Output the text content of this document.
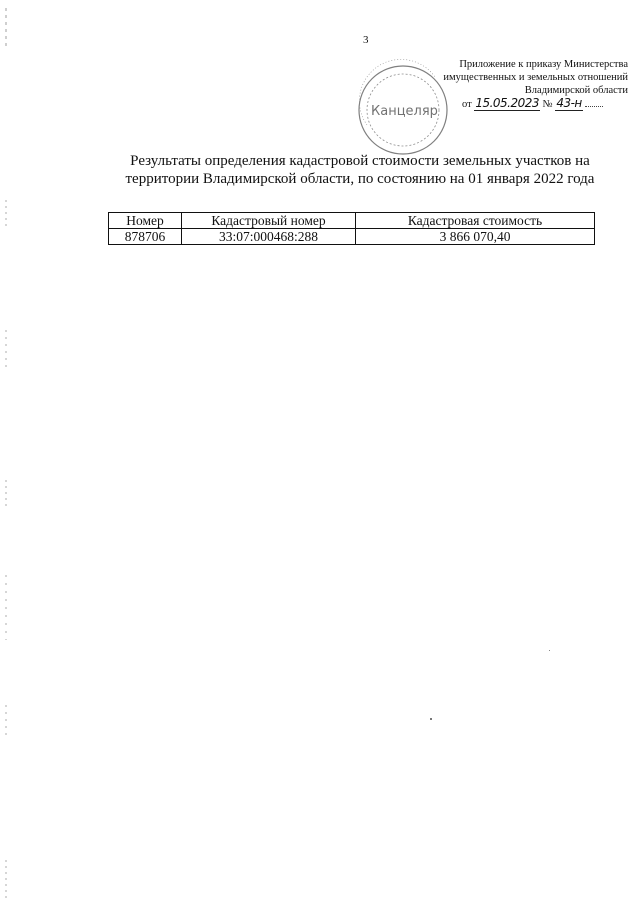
3
Канцеляр
Приложение к приказу Министерства
имущественных и земельных отношений
Владимирской области
от 15.05.2023 № 43-н
Результаты определения кадастровой стоимости земельных участков на
территории Владимирской области, по состоянию на 01 января 2022 года
Номер	Кадастровый номер	Кадастровая стоимость
878706	33:07:000468:288	3 866 070,40
